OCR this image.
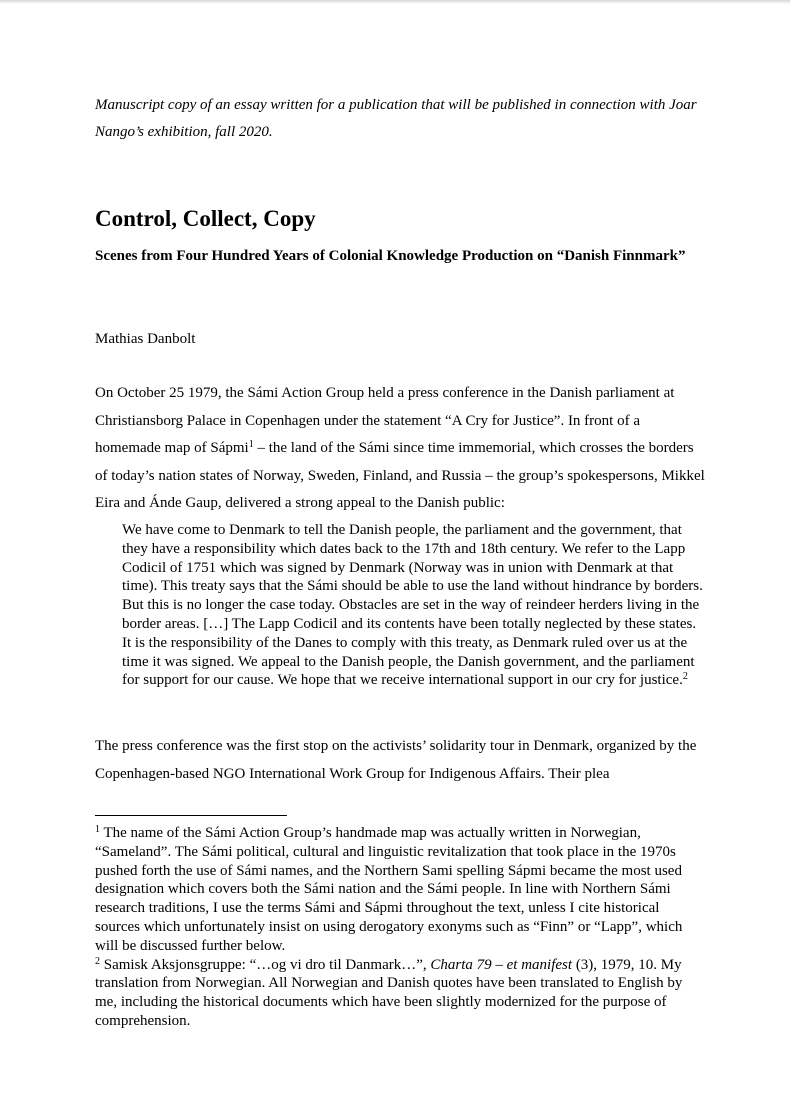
Manuscript copy of an essay written for a publication that will be published in connection with Joar Nango’s exhibition, fall 2020.
Control, Collect, Copy
Scenes from Four Hundred Years of Colonial Knowledge Production on “Danish Finnmark”
Mathias Danbolt

On October 25 1979, the Sámi Action Group held a press conference in the Danish parliament at Christiansborg Palace in Copenhagen under the statement “A Cry for Justice”. In front of a homemade map of Sápmi$^1$ – the land of the Sámi since time immemorial, which crosses the borders of today’s nation states of Norway, Sweden, Finland, and Russia – the group’s spokespersons, Mikkel Eira and Ánde Gaup, delivered a strong appeal to the Danish public:

We have come to Denmark to tell the Danish people, the parliament and the government, that they have a responsibility which dates back to the 17th and 18th century. We refer to the Lapp Codicil of 1751 which was signed by Denmark (Norway was in union with Denmark at that time). This treaty says that the Sámi should be able to use the land without hindrance by borders. But this is no longer the case today. Obstacles are set in the way of reindeer herders living in the border areas. […] The Lapp Codicil and its contents have been totally neglected by these states. It is the responsibility of the Danes to comply with this treaty, as Denmark ruled over us at the time it was signed. We appeal to the Danish people, the Danish government, and the parliament for support for our cause. We hope that we receive international support in our cry for justice.$^2$

The press conference was the first stop on the activists’ solidarity tour in Denmark, organized by the Copenhagen-based NGO International Work Group for Indigenous Affairs. Their plea

$^1$ The name of the Sámi Action Group’s handmade map was actually written in Norwegian, “Sameland”. The Sámi political, cultural and linguistic revitalization that took place in the 1970s pushed forth the use of Sámi names, and the Northern Sami spelling Sápmi became the most used designation which covers both the Sámi nation and the Sámi people. In line with Northern Sámi research traditions, I use the terms Sámi and Sápmi throughout the text, unless I cite historical sources which unfortunately insist on using derogatory exonyms such as “Finn” or “Lapp”, which will be discussed further below.

$^2$ Samisk Aksjonsgruppe: “…og vi dro til Danmark…”, Charta 79 – et manifest (3), 1979, 10. My translation from Norwegian. All Norwegian and Danish quotes have been translated to English by me, including the historical documents which have been slightly modernized for the purpose of comprehension.
